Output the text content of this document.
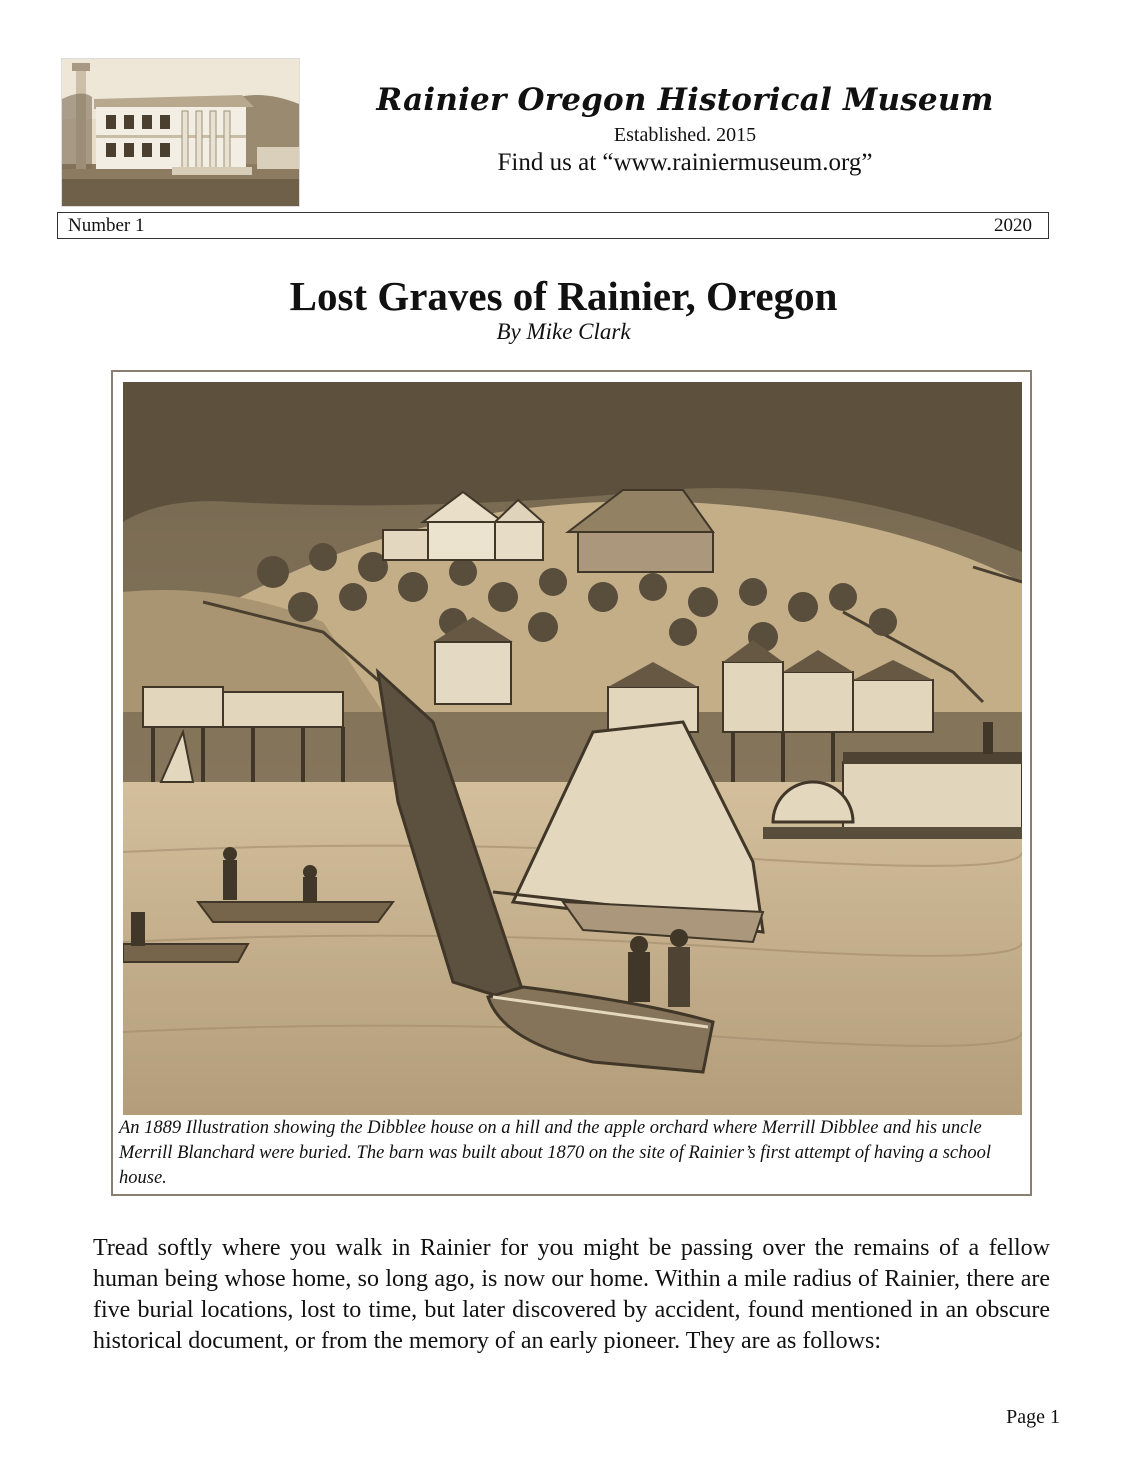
Rainier Oregon Historical Museum
Established. 2015
Find us at “www.rainiermuseum.org”
Number 1	2020
Lost Graves of Rainier, Oregon
By Mike Clark
An 1889 Illustration showing the Dibblee house on a hill and the apple orchard where Merrill Dibblee and his uncle Merrill Blanchard were buried. The barn was built about 1870 on the site of Rainier’s first attempt of having a school house.

Tread softly where you walk in Rainier for you might be passing over the remains of a fellow human being whose home, so long ago, is now our home. Within a mile radius of Rainier, there are five burial locations, lost to time, but later discovered by accident, found mentioned in an obscure historical document, or from the memory of an early pioneer. They are as follows:

Page 1
